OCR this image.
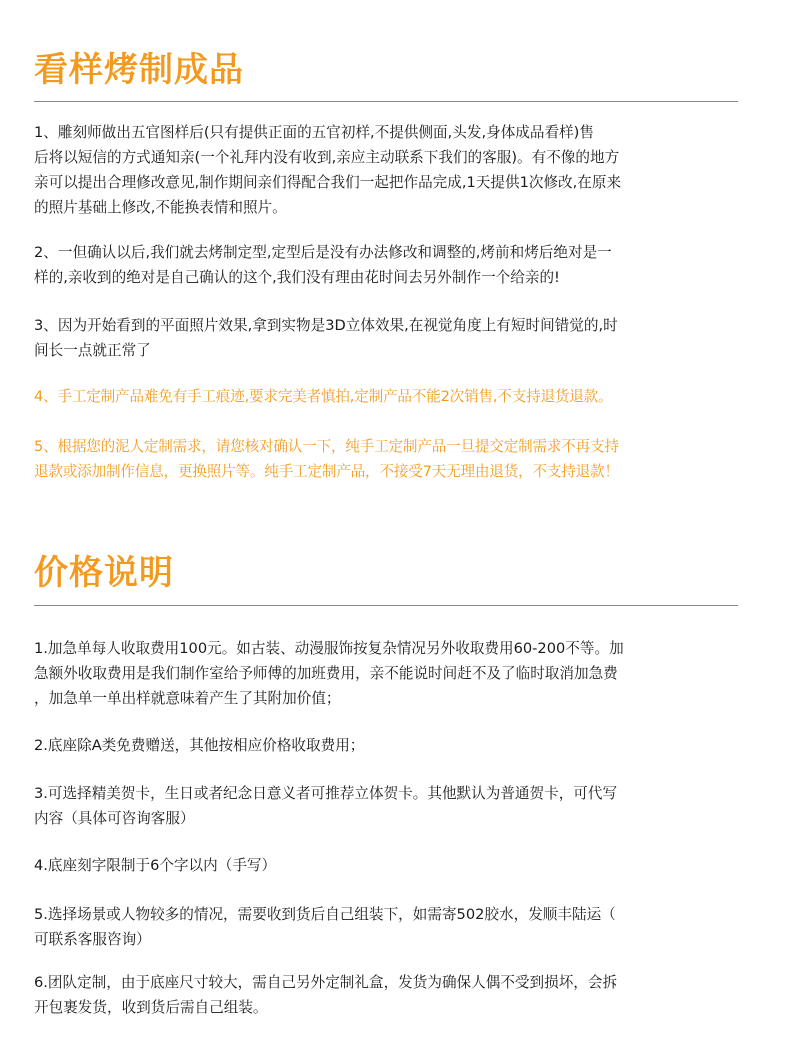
看样烤制成品

1、雕刻师做出五官图样后(只有提供正面的五官初样,不提供侧面,头发,身体成品看样)售
后将以短信的方式通知亲(一个礼拜内没有收到,亲应主动联系下我们的客服)。有不像的地方
亲可以提出合理修改意见,制作期间亲们得配合我们一起把作品完成,1天提供1次修改,在原来
的照片基础上修改,不能换表情和照片。

2、一但确认以后,我们就去烤制定型,定型后是没有办法修改和调整的,烤前和烤后绝对是一
样的,亲收到的绝对是自己确认的这个,我们没有理由花时间去另外制作一个给亲的!

3、因为开始看到的平面照片效果,拿到实物是3D立体效果,在视觉角度上有短时间错觉的,时
间长一点就正常了

4、手工定制产品难免有手工痕迹,要求完美者慎拍,定制产品不能2次销售,不支持退货退款。

5、根据您的泥人定制需求，请您核对确认一下，纯手工定制产品一旦提交定制需求不再支持
退款或添加制作信息，更换照片等。纯手工定制产品，不接受7天无理由退货，不支持退款！

价格说明

1.加急单每人收取费用100元。如古装、动漫服饰按复杂情况另外收取费用60-200不等。加
急额外收取费用是我们制作室给予师傅的加班费用，亲不能说时间赶不及了临时取消加急费
，加急单一单出样就意味着产生了其附加价值；

2.底座除A类免费赠送，其他按相应价格收取费用；

3.可选择精美贺卡，生日或者纪念日意义者可推荐立体贺卡。其他默认为普通贺卡，可代写
内容（具体可咨询客服）

4.底座刻字限制于6个字以内（手写）

5.选择场景或人物较多的情况，需要收到货后自己组装下，如需寄502胶水，发顺丰陆运（
可联系客服咨询）

6.团队定制，由于底座尺寸较大，需自己另外定制礼盒，发货为确保人偶不受到损坏，会拆
开包裹发货，收到货后需自己组装。
